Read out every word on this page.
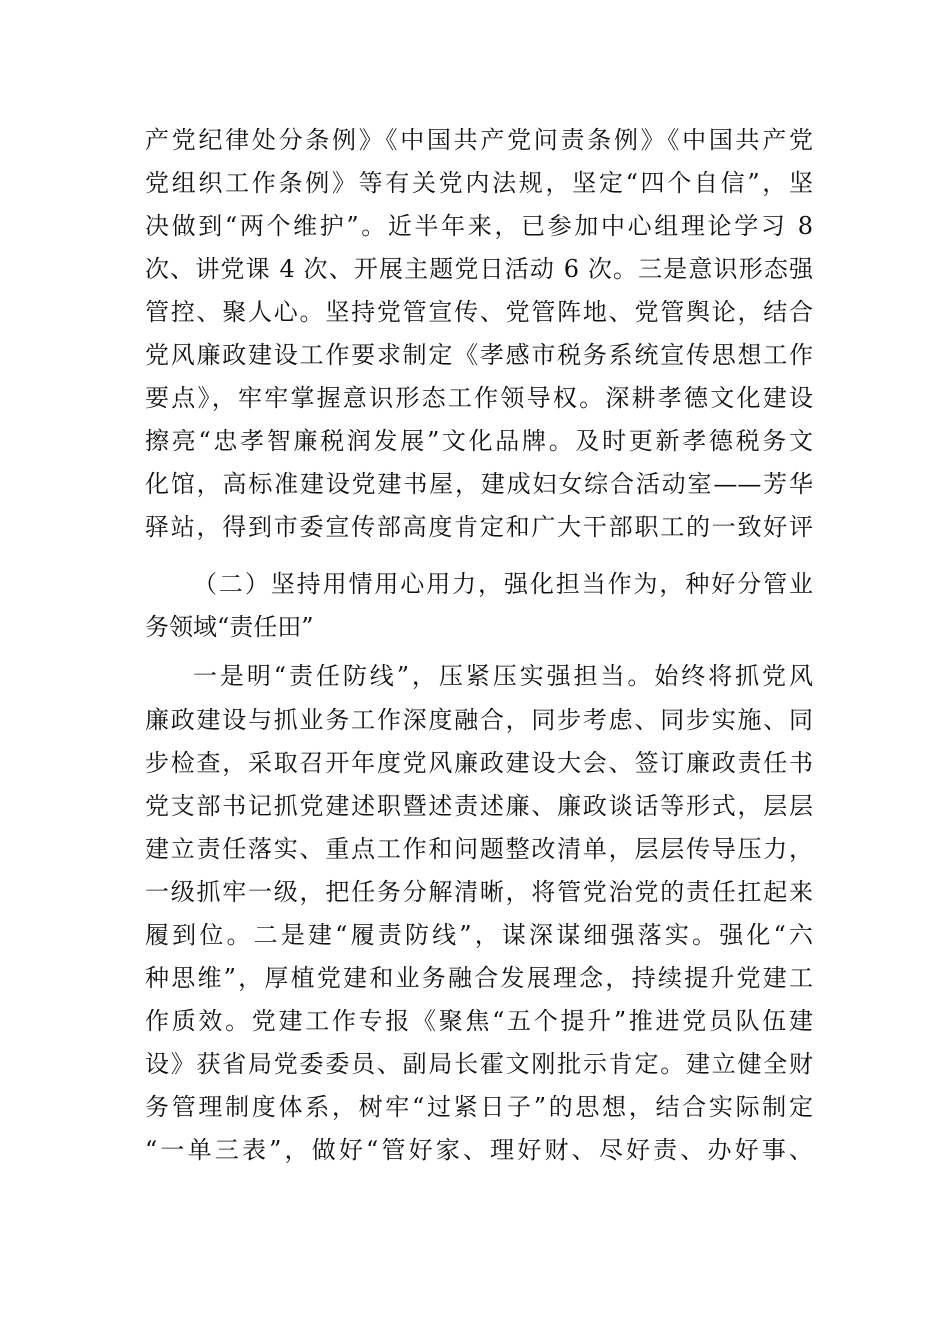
产党纪律处分条例》《中国共产党问责条例》《中国共产党
党组织工作条例》等有关党内法规，坚定“四个自信”，坚
决做到“两个维护”。近半年来，已参加中心组理论学习 8
次、讲党课 4 次、开展主题党日活动 6 次。三是意识形态强
管控、聚人心。坚持党管宣传、党管阵地、党管舆论，结合
党风廉政建设工作要求制定《孝感市税务系统宣传思想工作
要点》，牢牢掌握意识形态工作领导权。深耕孝德文化建设
擦亮“忠孝智廉税润发展”文化品牌。及时更新孝德税务文
化馆，高标准建设党建书屋，建成妇女综合活动室——芳华
驿站，得到市委宣传部高度肯定和广大干部职工的一致好评
（二）坚持用情用心用力，强化担当作为，种好分管业
务领域“责任田”
一是明“责任防线”，压紧压实强担当。始终将抓党风
廉政建设与抓业务工作深度融合，同步考虑、同步实施、同
步检查，采取召开年度党风廉政建设大会、签订廉政责任书
党支部书记抓党建述职暨述责述廉、廉政谈话等形式，层层
建立责任落实、重点工作和问题整改清单，层层传导压力，
一级抓牢一级，把任务分解清晰，将管党治党的责任扛起来
履到位。二是建“履责防线”，谋深谋细强落实。强化“六
种思维”，厚植党建和业务融合发展理念，持续提升党建工
作质效。党建工作专报《聚焦“五个提升”推进党员队伍建
设》获省局党委委员、副局长霍文刚批示肯定。建立健全财
务管理制度体系，树牢“过紧日子”的思想，结合实际制定
“一单三表”，做好“管好家、理好财、尽好责、办好事、
